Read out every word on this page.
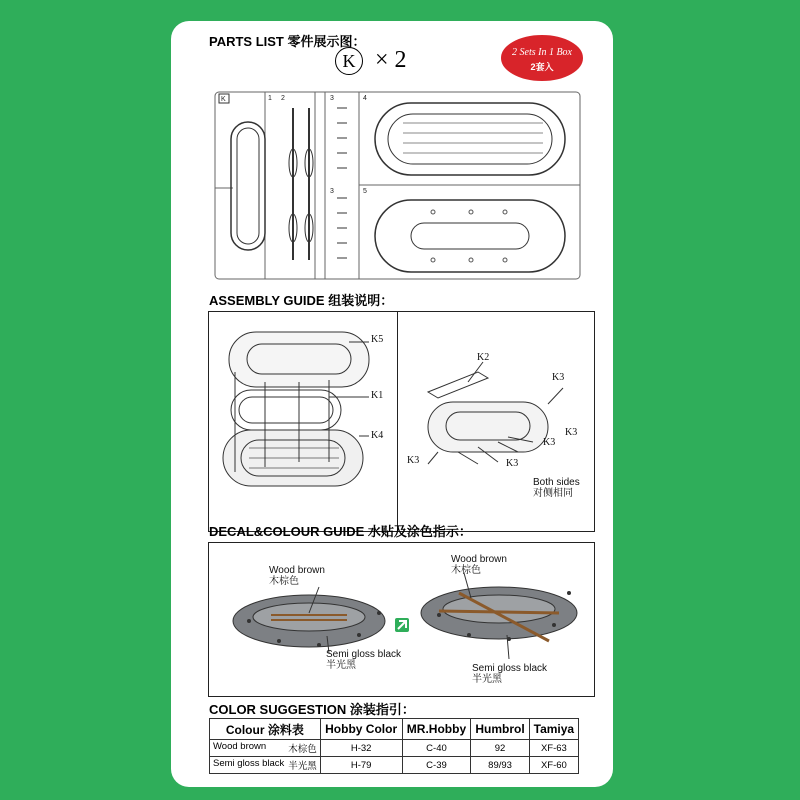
PARTS LIST 零件展示图：
K × 2	2 Sets In 1 Box
2套入
K	1 2	3	4
3	5
ASSEMBLY GUIDE 组装说明：
K5
K1
K4
K2
K3
K3
K3
K3
K3
Both sides
对侧相同
DECAL&COLOUR GUIDE 水贴及涂色指示：
Wood brown
木棕色
Semi gloss black
半光黑
Wood brown
木棕色
Semi gloss black
半光黑
COLOR SUGGESTION 涂装指引：
Colour 涂料表	Hobby Color	MR.Hobby	Humbrol	Tamiya
Wood brown 木棕色	H-32	C-40	92	XF-63
Semi gloss black 半光黑	H-79	C-39	89/93	XF-60
